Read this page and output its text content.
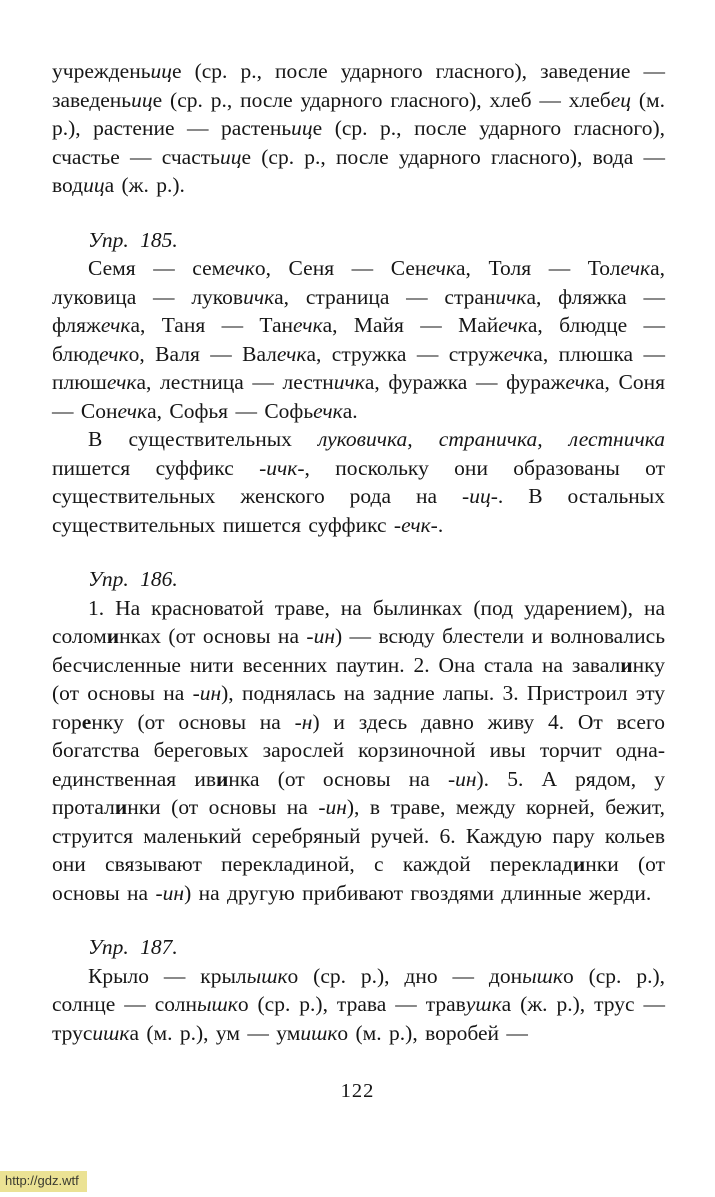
учрежденьице (ср. р., после ударного гласного), заведение — заведеньице (ср. р., после ударного гласного), хлеб — хлебец (м. р.), растение — растеньице (ср. р., после ударного гласного), счастье — счастьице (ср. р., после ударного гласного), вода — водица (ж. р.).

Упр. 185.

Семя — семечко, Сеня — Сенечка, Толя — Толечка, луковица — луковичка, страница — страничка, фляжка — фляжечка, Таня — Танечка, Майя — Майечка, блюдце — блюдечко, Валя — Валечка, стружка — стружечка, плюшка — плюшечка, лестница — лестничка, фуражка — фуражечка, Соня — Сонечка, Софья — Софьечка.

В существительных луковичка, страничка, лестничка пишется суффикс -ичк-, поскольку они образованы от существительных женского рода на -иц-. В остальных существительных пишется суффикс -ечк-.

Упр. 186.

1. На красноватой траве, на былинках (под ударением), на соломинках (от основы на -ин) — всюду блестели и волновались бесчисленные нити весенних паутин. 2. Она стала на завалинку (от основы на -ин), поднялась на задние лапы. 3. Пристроил эту горенку (от основы на -н) и здесь давно живу 4. От всего богатства береговых зарослей корзиночной ивы торчит одна-единственная ивинка (от основы на -ин). 5. А рядом, у проталинки (от основы на -ин), в траве, между корней, бежит, струится маленький серебряный ручей. 6. Каждую пару кольев они связывают перекладиной, с каждой перекладинки (от основы на -ин) на другую прибивают гвоздями длинные жерди.

Упр. 187.

Крыло — крылышко (ср. р.), дно — донышко (ср. р.), солнце — солнышко (ср. р.), трава — травушка (ж. р.), трус — трусишка (м. р.), ум — умишко (м. р.), воробей —

122
http://gdz.wtf
